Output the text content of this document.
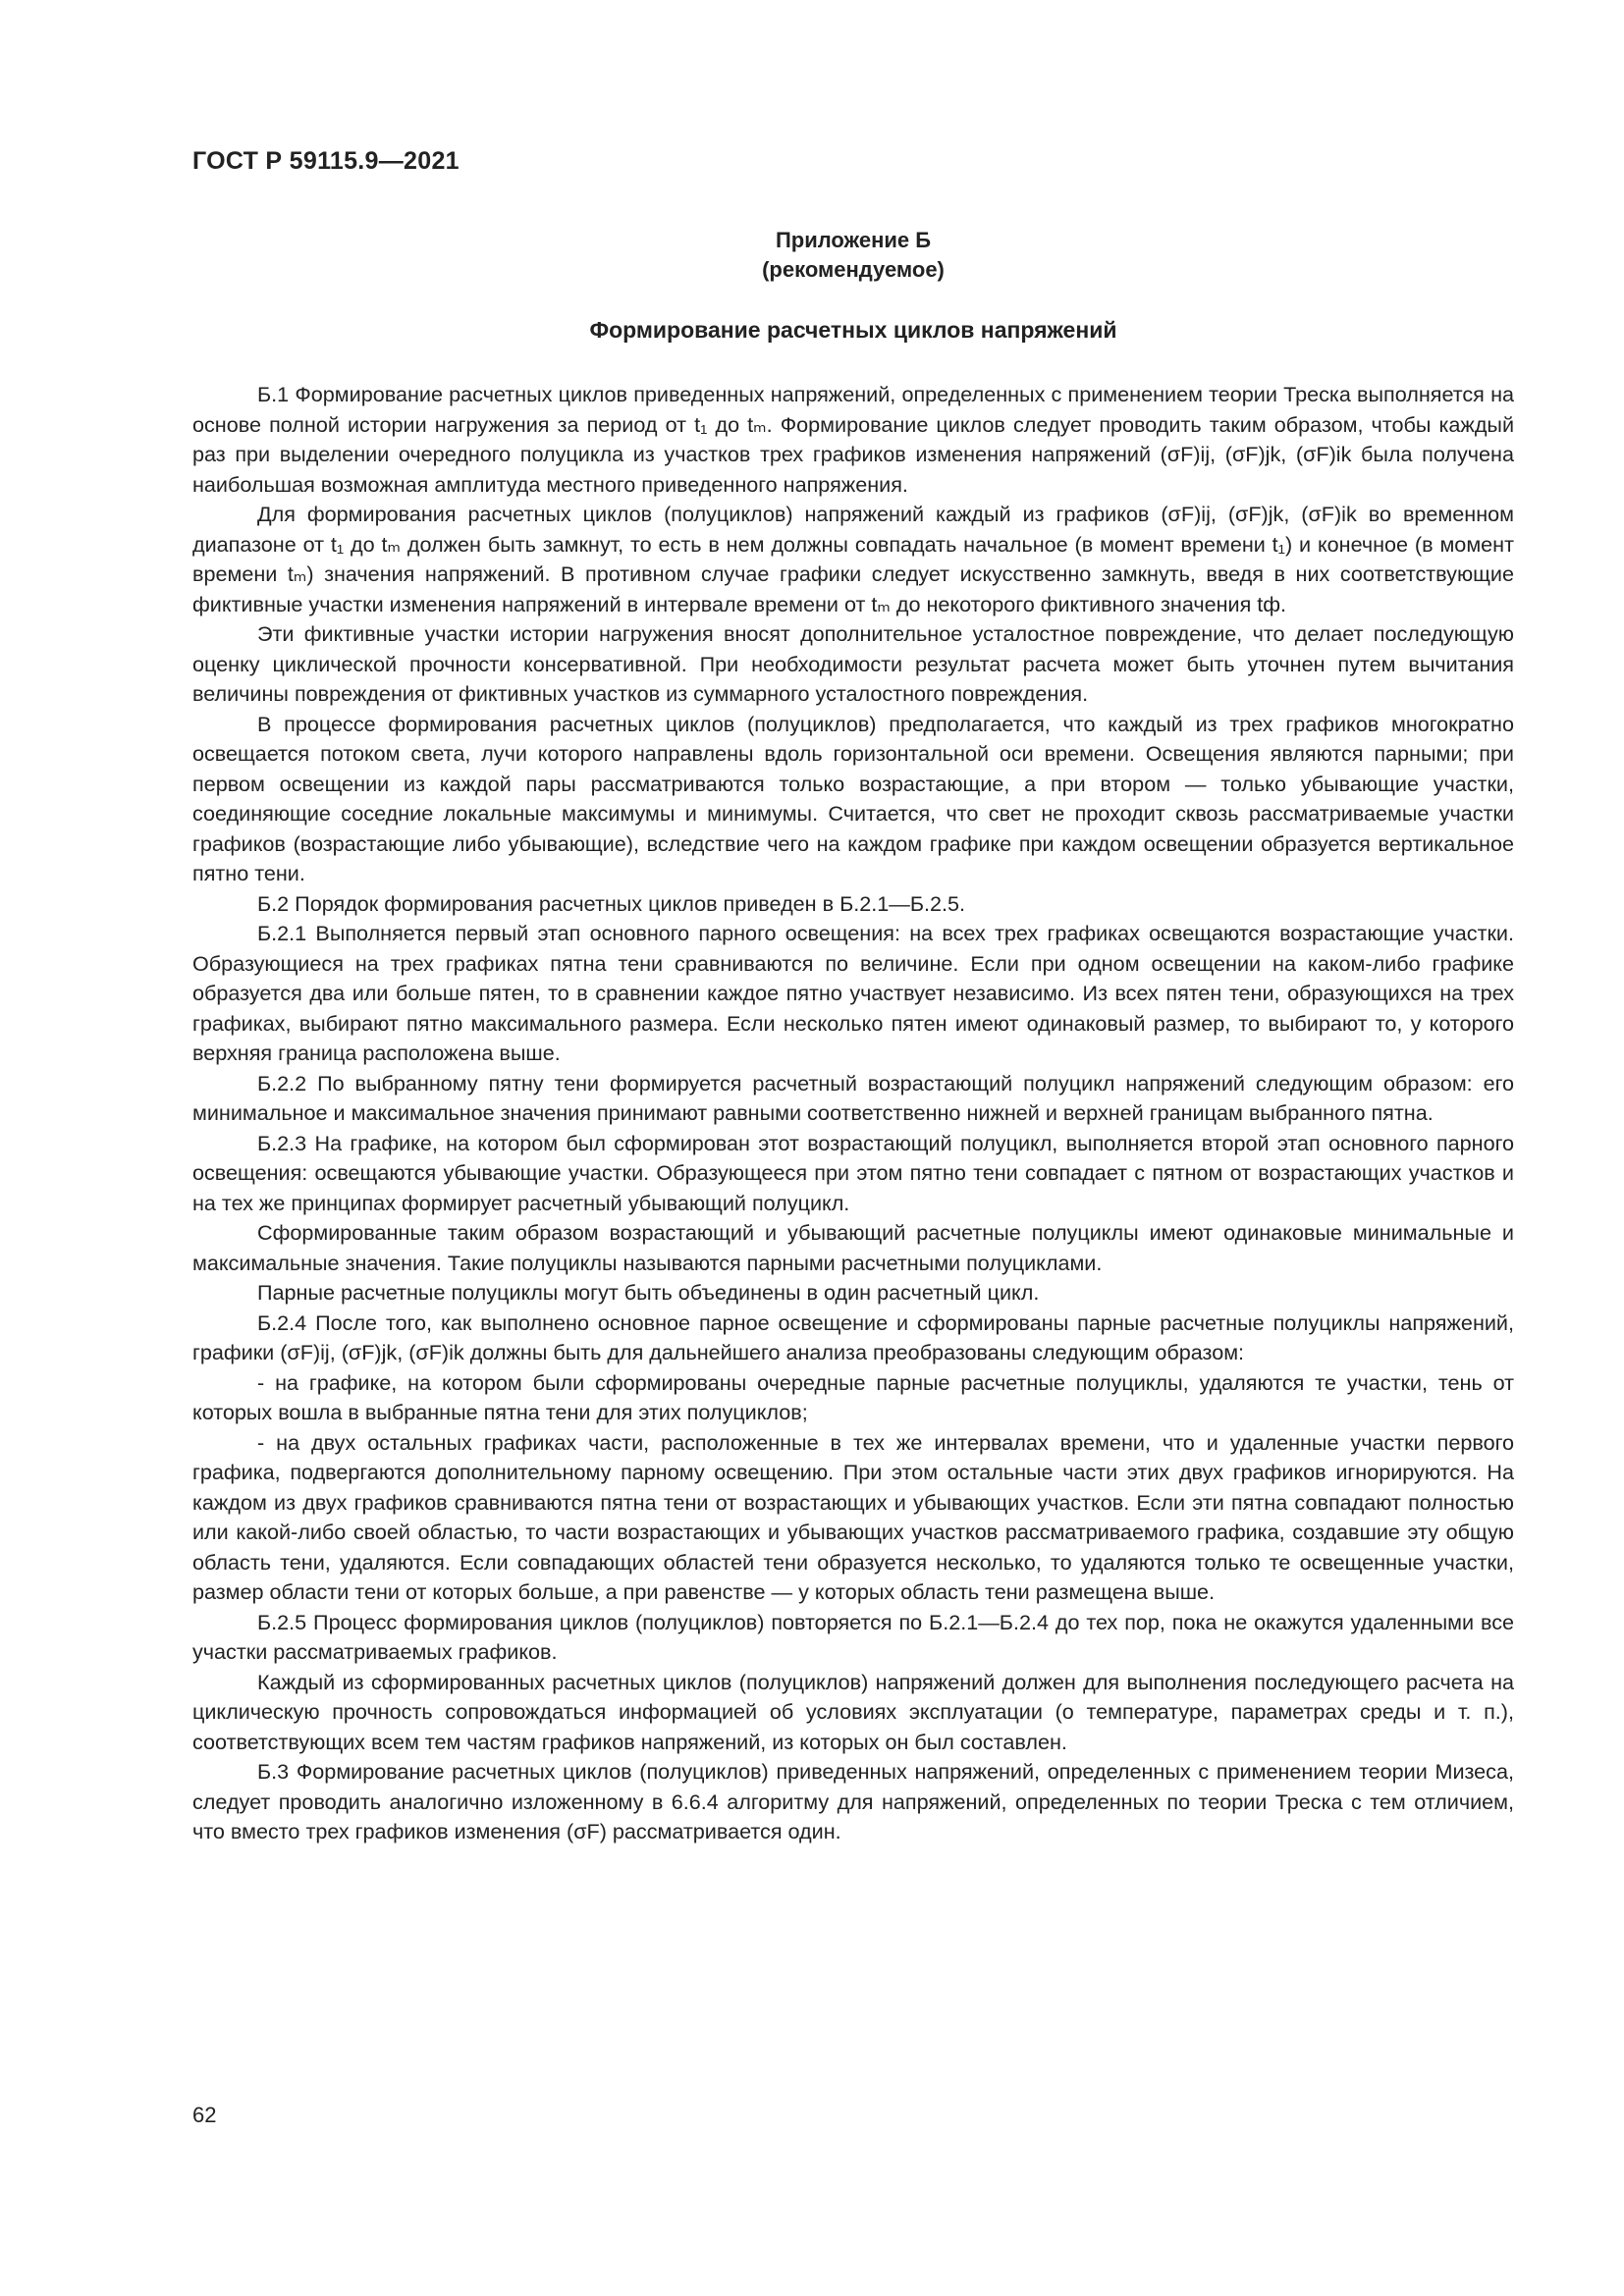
ГОСТ Р 59115.9—2021
Приложение Б
(рекомендуемое)
Формирование расчетных циклов напряжений

Б.1 Формирование расчетных циклов приведенных напряжений, определенных с применением теории Треска выполняется на основе полной истории нагружения за период от t₁ до tₘ. Формирование циклов следует проводить таким образом, чтобы каждый раз при выделении очередного полуцикла из участков трех графиков изменения напряжений (σF)ij, (σF)jk, (σF)ik была получена наибольшая возможная амплитуда местного приведенного напряжения.

Для формирования расчетных циклов (полуциклов) напряжений каждый из графиков (σF)ij, (σF)jk, (σF)ik во временном диапазоне от t₁ до tₘ должен быть замкнут, то есть в нем должны совпадать начальное (в момент времени t₁) и конечное (в момент времени tₘ) значения напряжений. В противном случае графики следует искусственно замкнуть, введя в них соответствующие фиктивные участки изменения напряжений в интервале времени от tₘ до некоторого фиктивного значения tф.

Эти фиктивные участки истории нагружения вносят дополнительное усталостное повреждение, что делает последующую оценку циклической прочности консервативной. При необходимости результат расчета может быть уточнен путем вычитания величины повреждения от фиктивных участков из суммарного усталостного повреждения.

В процессе формирования расчетных циклов (полуциклов) предполагается, что каждый из трех графиков многократно освещается потоком света, лучи которого направлены вдоль горизонтальной оси времени. Освещения являются парными; при первом освещении из каждой пары рассматриваются только возрастающие, а при втором — только убывающие участки, соединяющие соседние локальные максимумы и минимумы. Считается, что свет не проходит сквозь рассматриваемые участки графиков (возрастающие либо убывающие), вследствие чего на каждом графике при каждом освещении образуется вертикальное пятно тени.

Б.2 Порядок формирования расчетных циклов приведен в Б.2.1—Б.2.5.

Б.2.1 Выполняется первый этап основного парного освещения: на всех трех графиках освещаются возрастающие участки. Образующиеся на трех графиках пятна тени сравниваются по величине. Если при одном освещении на каком-либо графике образуется два или больше пятен, то в сравнении каждое пятно участвует независимо. Из всех пятен тени, образующихся на трех графиках, выбирают пятно максимального размера. Если несколько пятен имеют одинаковый размер, то выбирают то, у которого верхняя граница расположена выше.

Б.2.2 По выбранному пятну тени формируется расчетный возрастающий полуцикл напряжений следующим образом: его минимальное и максимальное значения принимают равными соответственно нижней и верхней границам выбранного пятна.

Б.2.3 На графике, на котором был сформирован этот возрастающий полуцикл, выполняется второй этап основного парного освещения: освещаются убывающие участки. Образующееся при этом пятно тени совпадает с пятном от возрастающих участков и на тех же принципах формирует расчетный убывающий полуцикл.

Сформированные таким образом возрастающий и убывающий расчетные полуциклы имеют одинаковые минимальные и максимальные значения. Такие полуциклы называются парными расчетными полуциклами.

Парные расчетные полуциклы могут быть объединены в один расчетный цикл.

Б.2.4 После того, как выполнено основное парное освещение и сформированы парные расчетные полуциклы напряжений, графики (σF)ij, (σF)jk, (σF)ik должны быть для дальнейшего анализа преобразованы следующим образом:

- на графике, на котором были сформированы очередные парные расчетные полуциклы, удаляются те участки, тень от которых вошла в выбранные пятна тени для этих полуциклов;

- на двух остальных графиках части, расположенные в тех же интервалах времени, что и удаленные участки первого графика, подвергаются дополнительному парному освещению. При этом остальные части этих двух графиков игнорируются. На каждом из двух графиков сравниваются пятна тени от возрастающих и убывающих участков. Если эти пятна совпадают полностью или какой-либо своей областью, то части возрастающих и убывающих участков рассматриваемого графика, создавшие эту общую область тени, удаляются. Если совпадающих областей тени образуется несколько, то удаляются только те освещенные участки, размер области тени от которых больше, а при равенстве — у которых область тени размещена выше.

Б.2.5 Процесс формирования циклов (полуциклов) повторяется по Б.2.1—Б.2.4 до тех пор, пока не окажутся удаленными все участки рассматриваемых графиков.

Каждый из сформированных расчетных циклов (полуциклов) напряжений должен для выполнения последующего расчета на циклическую прочность сопровождаться информацией об условиях эксплуатации (о температуре, параметрах среды и т. п.), соответствующих всем тем частям графиков напряжений, из которых он был составлен.

Б.3 Формирование расчетных циклов (полуциклов) приведенных напряжений, определенных с применением теории Мизеса, следует проводить аналогично изложенному в 6.6.4 алгоритму для напряжений, определенных по теории Треска с тем отличием, что вместо трех графиков изменения (σF) рассматривается один.

62
